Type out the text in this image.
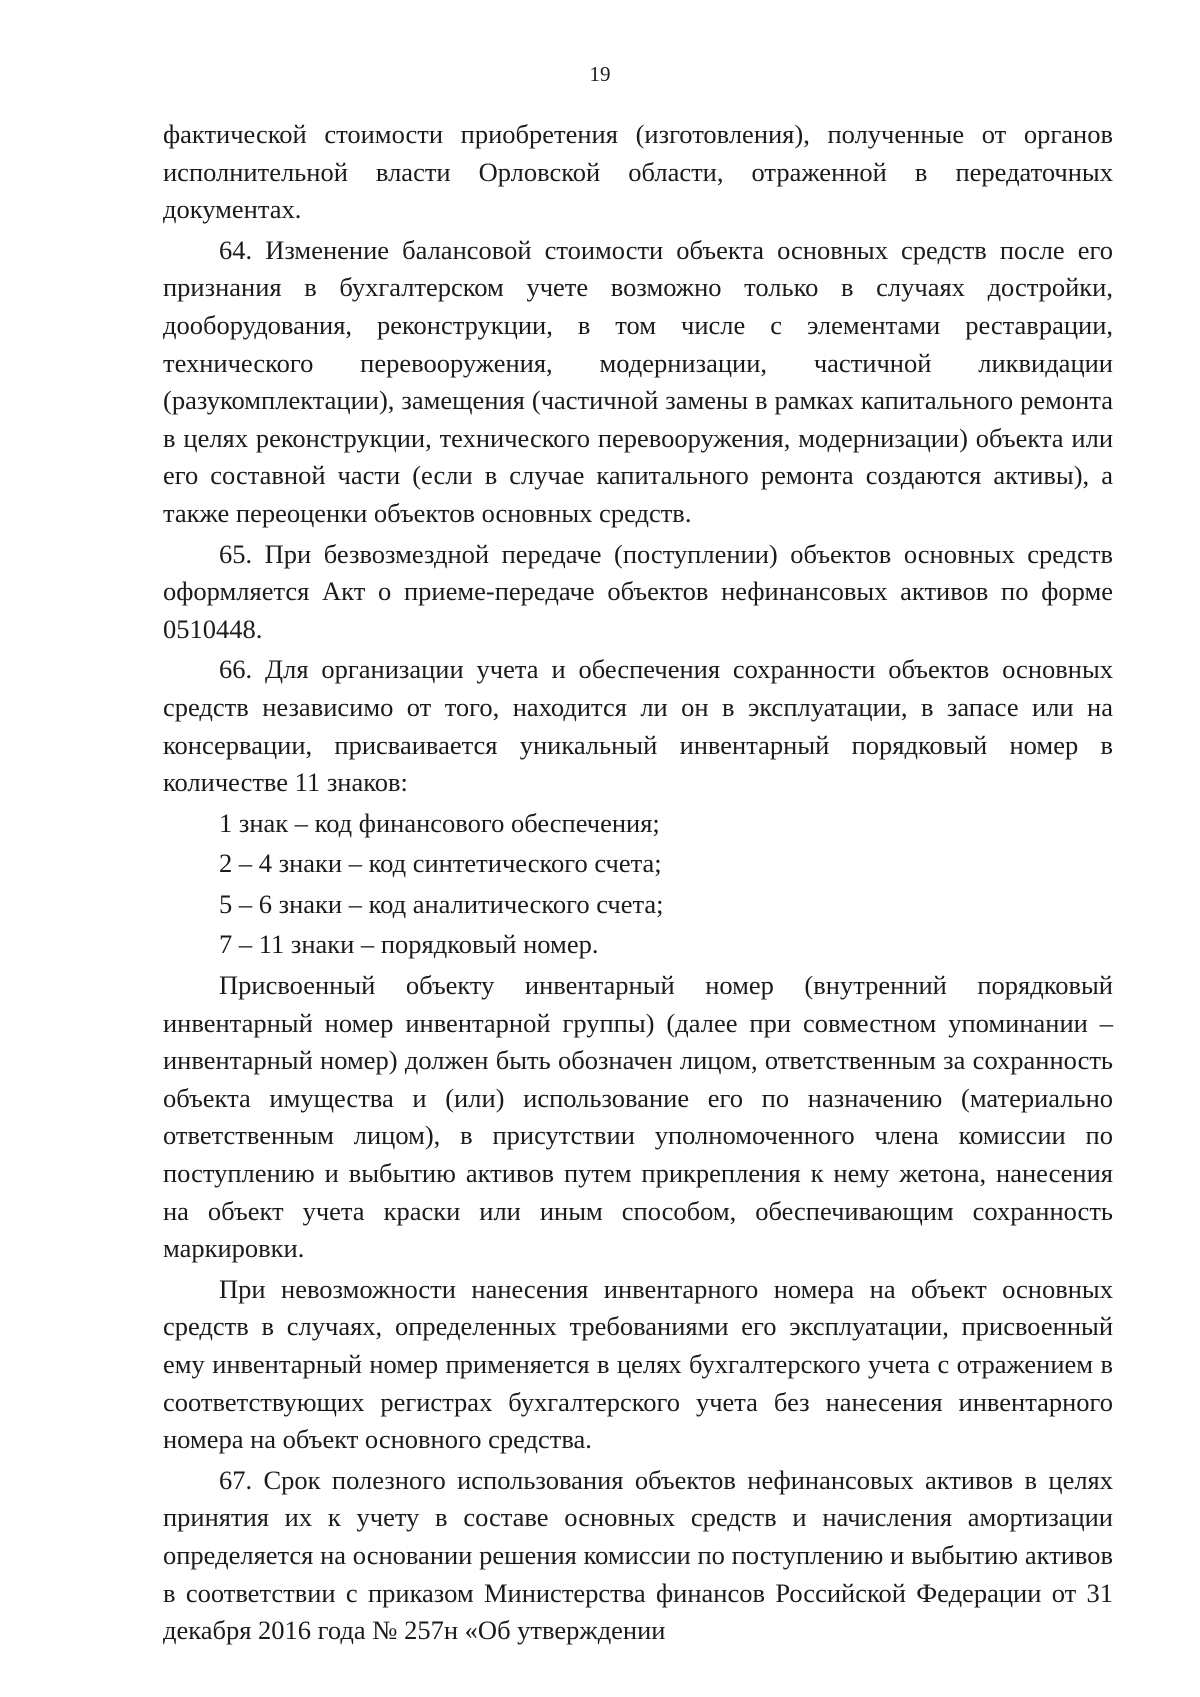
19

фактической стоимости приобретения (изготовления), полученные от органов исполнительной власти Орловской области, отраженной в передаточных документах.

64. Изменение балансовой стоимости объекта основных средств после его признания в бухгалтерском учете возможно только в случаях достройки, дооборудования, реконструкции, в том числе с элементами реставрации, технического перевооружения, модернизации, частичной ликвидации (разукомплектации), замещения (частичной замены в рамках капитального ремонта в целях реконструкции, технического перевооружения, модернизации) объекта или его составной части (если в случае капитального ремонта создаются активы), а также переоценки объектов основных средств.

65. При безвозмездной передаче (поступлении) объектов основных средств оформляется Акт о приеме-передаче объектов нефинансовых активов по форме 0510448.

66. Для организации учета и обеспечения сохранности объектов основных средств независимо от того, находится ли он в эксплуатации, в запасе или на консервации, присваивается уникальный инвентарный порядковый номер в количестве 11 знаков:

1 знак – код финансового обеспечения;

2 – 4 знаки – код синтетического счета;

5 – 6 знаки – код аналитического счета;

7 – 11 знаки – порядковый номер.

Присвоенный объекту инвентарный номер (внутренний порядковый инвентарный номер инвентарной группы) (далее при совместном упоминании – инвентарный номер) должен быть обозначен лицом, ответственным за сохранность объекта имущества и (или) использование его по назначению (материально ответственным лицом), в присутствии уполномоченного члена комиссии по поступлению и выбытию активов путем прикрепления к нему жетона, нанесения на объект учета краски или иным способом, обеспечивающим сохранность маркировки.

При невозможности нанесения инвентарного номера на объект основных средств в случаях, определенных требованиями его эксплуатации, присвоенный ему инвентарный номер применяется в целях бухгалтерского учета с отражением в соответствующих регистрах бухгалтерского учета без нанесения инвентарного номера на объект основного средства.

67. Срок полезного использования объектов нефинансовых активов в целях принятия их к учету в составе основных средств и начисления амортизации определяется на основании решения комиссии по поступлению и выбытию активов в соответствии с приказом Министерства финансов Российской Федерации от 31 декабря 2016 года № 257н «Об утверждении
